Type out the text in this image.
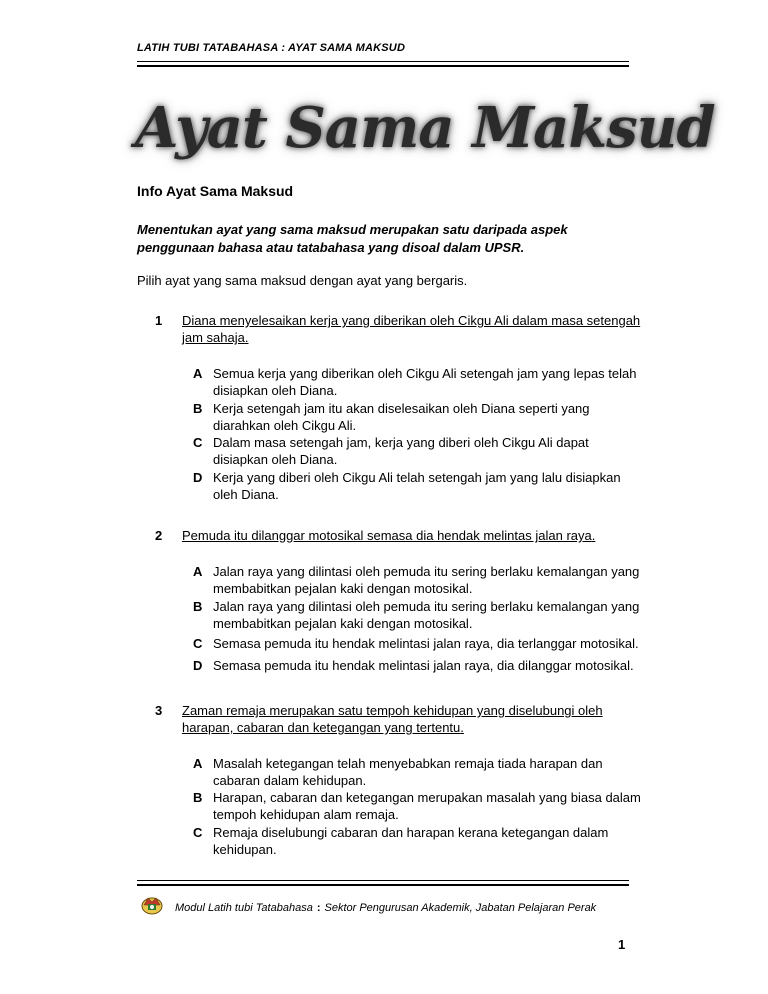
LATIH TUBI TATABAHASA : AYAT SAMA MAKSUD
Ayat Sama Maksud
Info Ayat Sama Maksud
Menentukan ayat yang sama maksud merupakan satu daripada aspek
penggunaan bahasa atau tatabahasa yang disoal dalam UPSR.
Pilih ayat yang sama maksud dengan ayat yang bergaris.
1 Diana menyelesaikan kerja yang diberikan oleh Cikgu Ali dalam masa setengah
jam sahaja.
A Semua kerja yang diberikan oleh Cikgu Ali setengah jam yang lepas telah
disiapkan oleh Diana.
B Kerja setengah jam itu akan diselesaikan oleh Diana seperti yang
diarahkan oleh Cikgu Ali.
C Dalam masa setengah jam, kerja yang diberi oleh Cikgu Ali dapat
disiapkan oleh Diana.
D Kerja yang diberi oleh Cikgu Ali telah setengah jam yang lalu disiapkan
oleh Diana.
2 Pemuda itu dilanggar motosikal semasa dia hendak melintas jalan raya.
A Jalan raya yang dilintasi oleh pemuda itu sering berlaku kemalangan yang
membabitkan pejalan kaki dengan motosikal.
B Jalan raya yang dilintasi oleh pemuda itu sering berlaku kemalangan yang
membabitkan pejalan kaki dengan motosikal.
C Semasa pemuda itu hendak melintasi jalan raya, dia terlanggar motosikal.
D Semasa pemuda itu hendak melintasi jalan raya, dia dilanggar motosikal.
3 Zaman remaja merupakan satu tempoh kehidupan yang diselubungi oleh
harapan, cabaran dan ketegangan yang tertentu.
A Masalah ketegangan telah menyebabkan remaja tiada harapan dan
cabaran dalam kehidupan.
B Harapan, cabaran dan ketegangan merupakan masalah yang biasa dalam
tempoh kehidupan alam remaja.
C Remaja diselubungi cabaran dan harapan kerana ketegangan dalam
kehidupan.
Modul Latih tubi Tatabahasa : Sektor Pengurusan Akademik, Jabatan Pelajaran Perak
1
